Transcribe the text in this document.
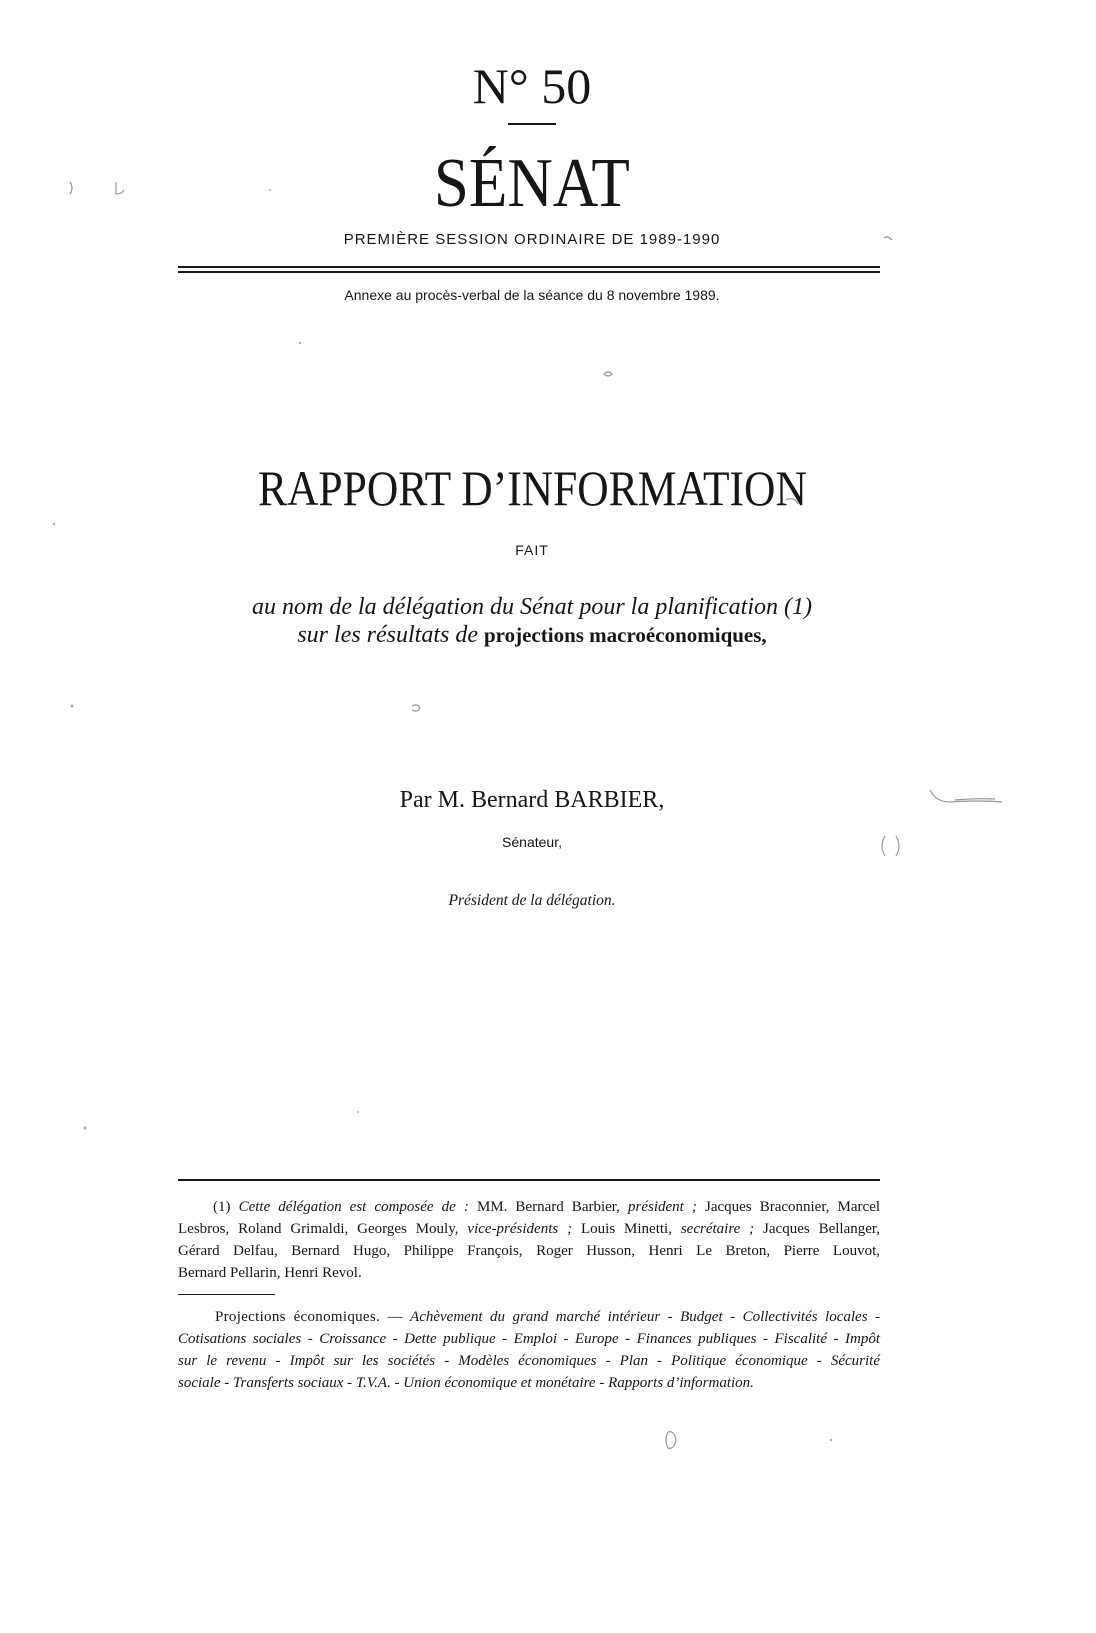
N° 50
SÉNAT
PREMIÈRE SESSION ORDINAIRE DE 1989-1990
Annexe au procès-verbal de la séance du 8 novembre 1989.
RAPPORT D’INFORMATION
FAIT
au nom de la délégation du Sénat pour la planification (1)
sur les résultats de projections macroéconomiques,
Par M. Bernard BARBIER,
Sénateur,
Président de la délégation.
(1) Cette délégation est composée de : MM. Bernard Barbier, président ; Jacques Braconnier, Marcel
Lesbros, Roland Grimaldi, Georges Mouly, vice-présidents ; Louis Minetti, secrétaire ; Jacques Bellanger,
Gérard Delfau, Bernard Hugo, Philippe François, Roger Husson, Henri Le Breton, Pierre Louvot,
Bernard Pellarin, Henri Revol.
Projections économiques. — Achèvement du grand marché intérieur - Budget - Collectivités locales -
Cotisations sociales - Croissance - Dette publique - Emploi - Europe - Finances publiques - Fiscalité - Impôt
sur le revenu - Impôt sur les sociétés - Modèles économiques - Plan - Politique économique - Sécurité
sociale - Transferts sociaux - T.V.A. - Union économique et monétaire - Rapports d’information.
